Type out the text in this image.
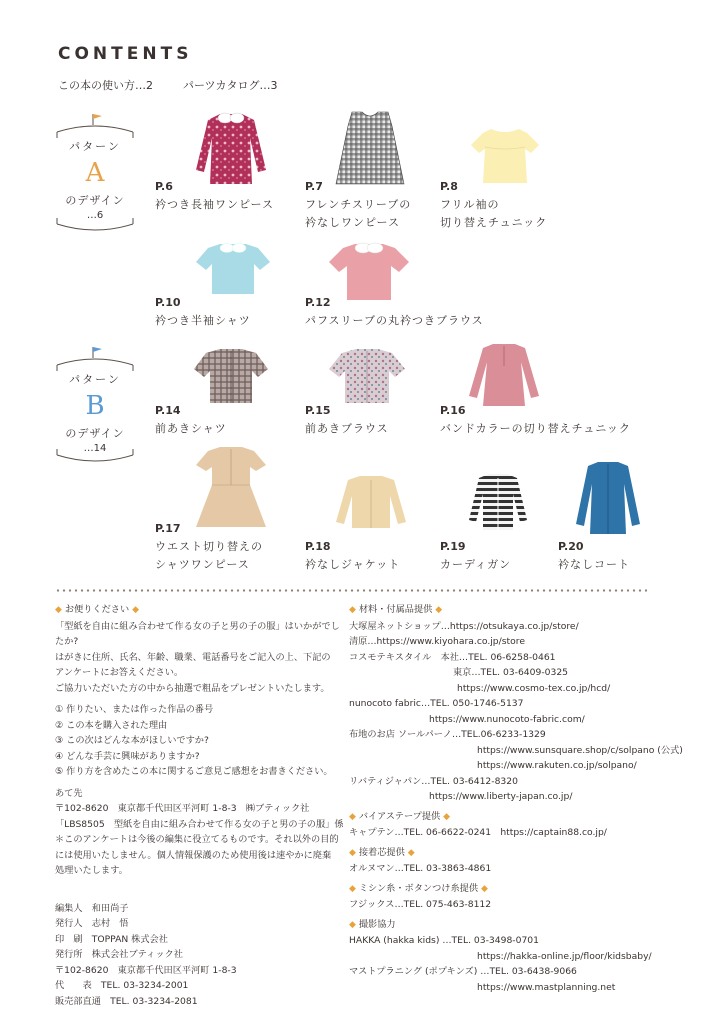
CONTENTS
この本の使い方…2	パーツカタログ…3
パターン
A
のデザイン
…6
パターン
B
のデザイン
…14
P.6
衿つき長袖ワンピース
P.7
フレンチスリーブの
衿なしワンピース
P.8
フリル袖の
切り替えチュニック
P.10
衿つき半袖シャツ
P.12
パフスリーブの丸衿つきブラウス
P.14
前あきシャツ
P.15
前あきブラウス
P.16
バンドカラーの切り替えチュニック
P.17
ウエスト切り替えの
シャツワンピース
P.18
衿なしジャケット
P.19
カーディガン
P.20
衿なしコート
◆ お便りください ◆
「型紙を自由に組み合わせて作る女の子と男の子の服」はいかがでし
たか?
はがきに住所、氏名、年齢、職業、電話番号をご記入の上、下記の
アンケートにお答えください。
ご協力いただいた方の中から抽選で粗品をプレゼントいたします。
① 作りたい、または作った作品の番号
② この本を購入された理由
③ この次はどんな本がほしいですか?
④ どんな手芸に興味がありますか?
⑤ 作り方を含めたこの本に関するご意見ご感想をお書きください。
あて先
〒102-8620　東京都千代田区平河町 1-8-3　㈱ブティック社
「LBS8505　型紙を自由に組み合わせて作る女の子と男の子の服」係
＊このアンケートは今後の編集に役立てるものです。それ以外の目的
には使用いたしません。個人情報保護のため使用後は速やかに廃棄
処理いたします。
編集人　和田尚子
発行人　志村　悟
印　刷　TOPPAN 株式会社
発行所　株式会社ブティック社
〒102-8620　東京都千代田区平河町 1-8-3
代　　表　TEL. 03-3234-2001
販売部直通　TEL. 03-3234-2081
◆ 材料・付属品提供 ◆
大塚屋ネットショップ…https://otsukaya.co.jp/store/
清原…https://www.kiyohara.co.jp/store
コスモテキスタイル　本社…TEL. 06-6258-0461
東京…TEL. 03-6409-0325
https://www.cosmo-tex.co.jp/hcd/
nunocoto fabric…TEL. 050-1746-5137
https://www.nunocoto-fabric.com/
布地のお店 ソールパーノ…TEL.06-6233-1329
https://www.sunsquare.shop/c/solpano (公式)
https://www.rakuten.co.jp/solpano/
リバティジャパン…TEL. 03-6412-8320
https://www.liberty-japan.co.jp/
◆ バイアステープ提供 ◆
キャプテン…TEL. 06-6622-0241　https://captain88.co.jp/
◆ 接着芯提供 ◆
オルヌマン…TEL. 03-3863-4861
◆ ミシン糸・ボタンつけ糸提供 ◆
フジックス…TEL. 075-463-8112
◆ 撮影協力
HAKKA (hakka kids) …TEL. 03-3498-0701
https://hakka-online.jp/floor/kidsbaby/
マストプラニング (ポプキンズ) …TEL. 03-6438-9066
https://www.mastplanning.net
